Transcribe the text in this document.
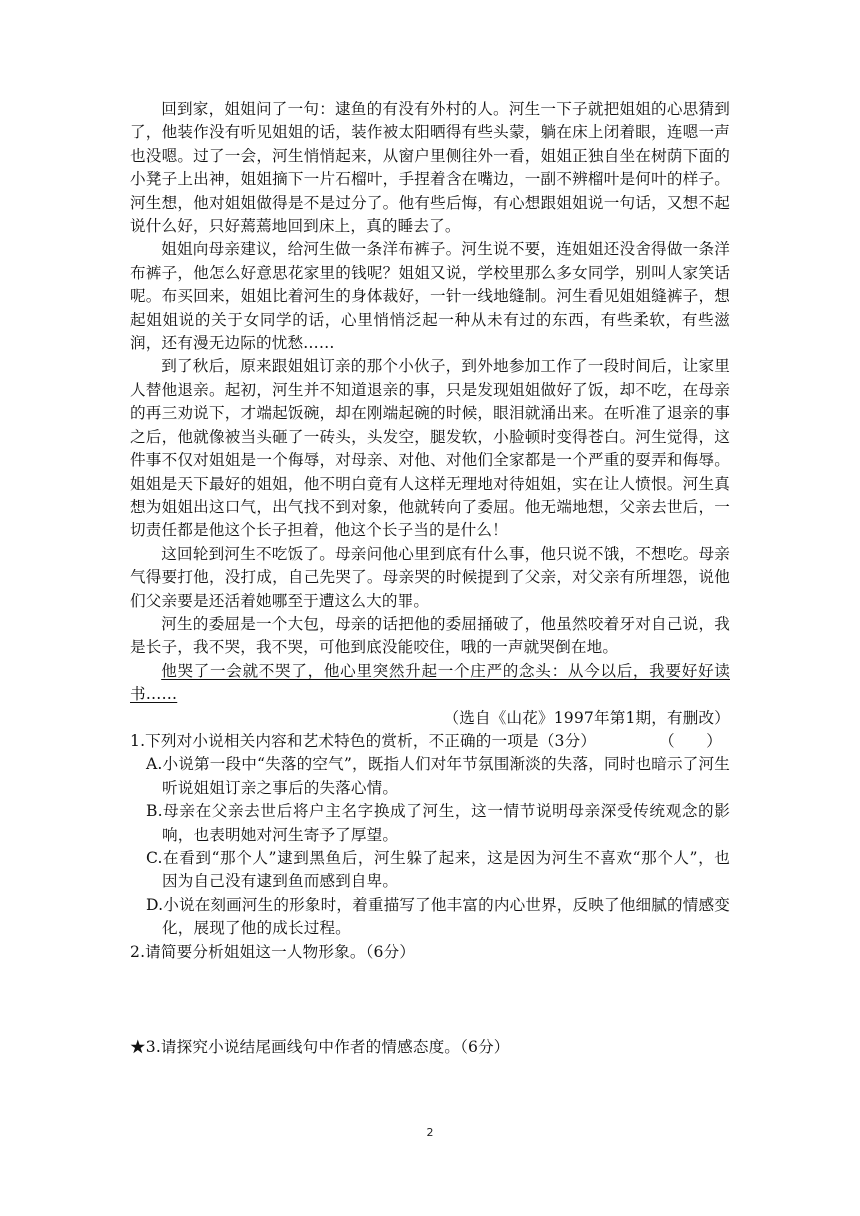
回到家，姐姐问了一句：逮鱼的有没有外村的人。河生一下子就把姐姐的心思猜到了，他装作没有听见姐姐的话，装作被太阳晒得有些头蒙，躺在床上闭着眼，连嗯一声也没嗯。过了一会，河生悄悄起来，从窗户里侧往外一看，姐姐正独自坐在树荫下面的小凳子上出神，姐姐摘下一片石榴叶，手捏着含在嘴边，一副不辨榴叶是何叶的样子。河生想，他对姐姐做得是不是过分了。他有些后悔，有心想跟姐姐说一句话，又想不起说什么好，只好蔫蔫地回到床上，真的睡去了。

姐姐向母亲建议，给河生做一条洋布裤子。河生说不要，连姐姐还没舍得做一条洋布裤子，他怎么好意思花家里的钱呢？姐姐又说，学校里那么多女同学，别叫人家笑话呢。布买回来，姐姐比着河生的身体裁好，一针一线地缝制。河生看见姐姐缝裤子，想起姐姐说的关于女同学的话，心里悄悄泛起一种从未有过的东西，有些柔软，有些滋润，还有漫无边际的忧愁……

到了秋后，原来跟姐姐订亲的那个小伙子，到外地参加工作了一段时间后，让家里人替他退亲。起初，河生并不知道退亲的事，只是发现姐姐做好了饭，却不吃，在母亲的再三劝说下，才端起饭碗，却在刚端起碗的时候，眼泪就涌出来。在听准了退亲的事之后，他就像被当头砸了一砖头，头发空，腿发软，小脸顿时变得苍白。河生觉得，这件事不仅对姐姐是一个侮辱，对母亲、对他、对他们全家都是一个严重的耍弄和侮辱。姐姐是天下最好的姐姐，他不明白竟有人这样无理地对待姐姐，实在让人愤恨。河生真想为姐姐出这口气，出气找不到对象，他就转向了委屈。他无端地想，父亲去世后，一切责任都是他这个长子担着，他这个长子当的是什么！

这回轮到河生不吃饭了。母亲问他心里到底有什么事，他只说不饿，不想吃。母亲气得要打他，没打成，自己先哭了。母亲哭的时候提到了父亲，对父亲有所埋怨，说他们父亲要是还活着她哪至于遭这么大的罪。

河生的委屈是一个大包，母亲的话把他的委屈捅破了，他虽然咬着牙对自己说，我是长子，我不哭，我不哭，可他到底没能咬住，哦的一声就哭倒在地。

他哭了一会就不哭了，他心里突然升起一个庄严的念头：从今以后，我要好好读书……

（选自《山花》1997年第1期，有删改）

1.下列对小说相关内容和艺术特色的赏析，不正确的一项是（3分）	（　　）

A.小说第一段中“失落的空气”，既指人们对年节氛围渐淡的失落，同时也暗示了河生听说姐姐订亲之事后的失落心情。

B.母亲在父亲去世后将户主名字换成了河生，这一情节说明母亲深受传统观念的影响，也表明她对河生寄予了厚望。

C.在看到“那个人”逮到黑鱼后，河生躲了起来，这是因为河生不喜欢“那个人”，也因为自己没有逮到鱼而感到自卑。

D.小说在刻画河生的形象时，着重描写了他丰富的内心世界，反映了他细腻的情感变化，展现了他的成长过程。

2.请简要分析姐姐这一人物形象。（6分）

★3.请探究小说结尾画线句中作者的情感态度。（6分）

2
